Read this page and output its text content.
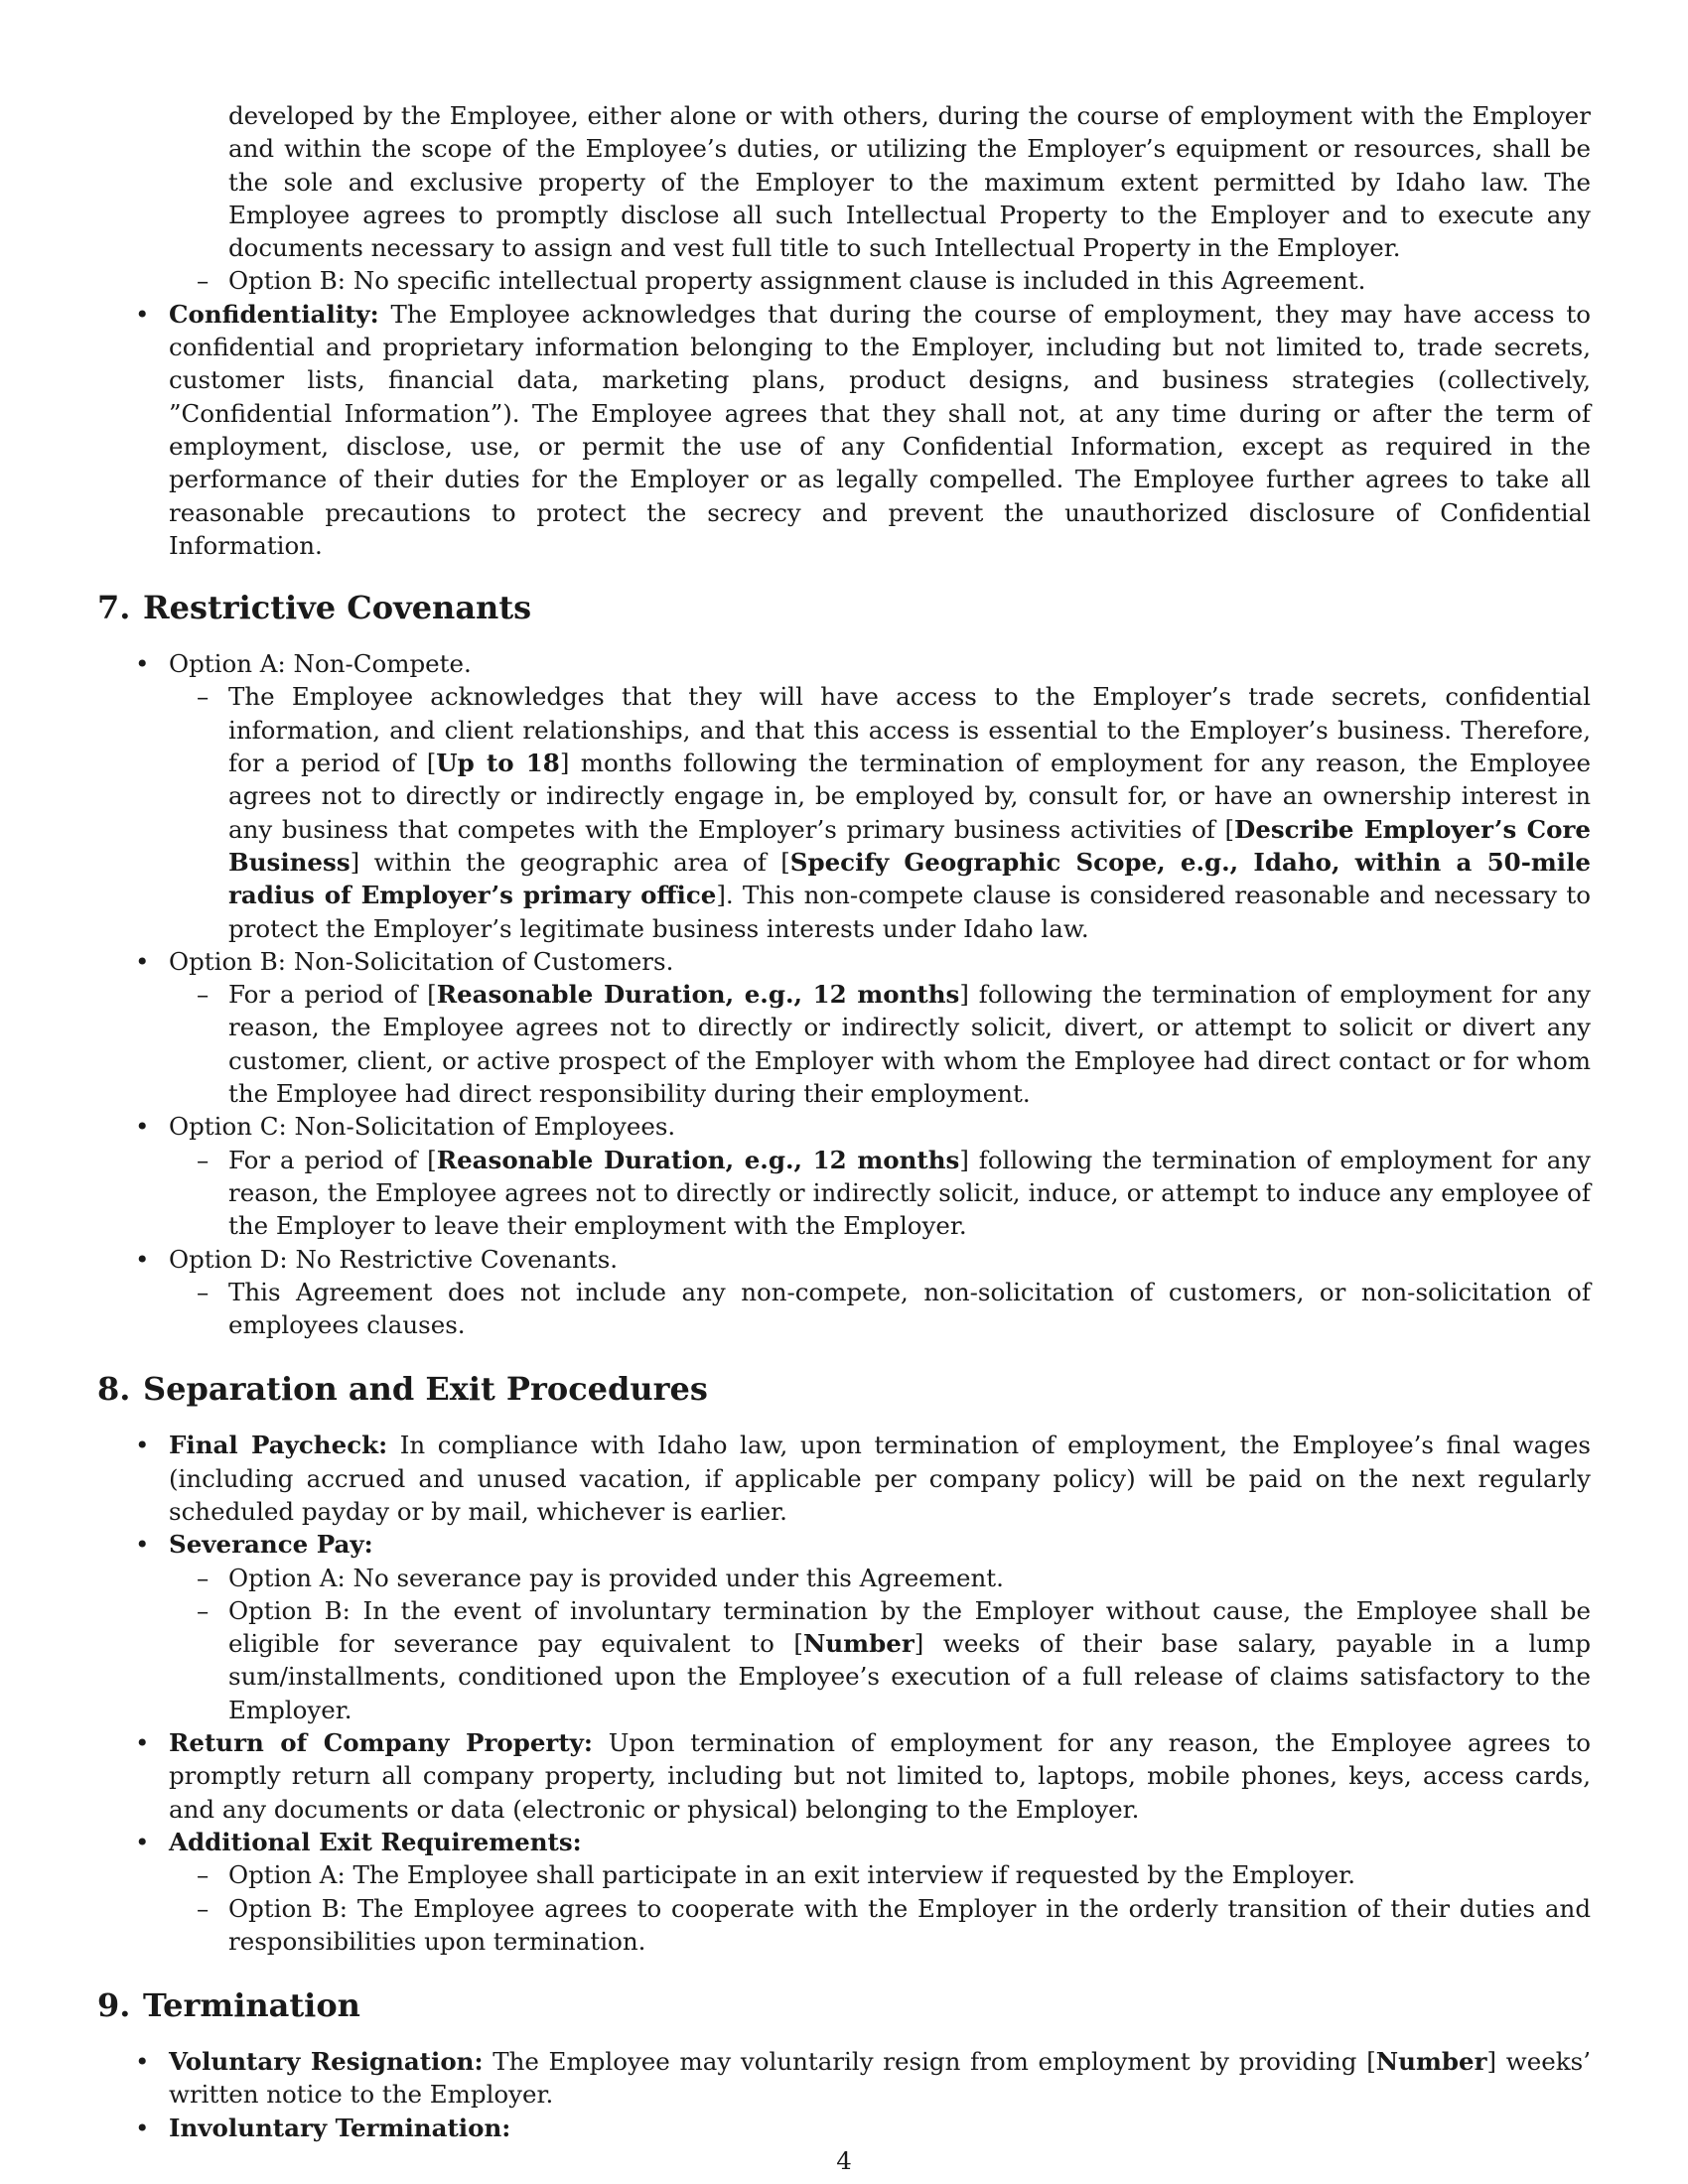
developed by the Employee, either alone or with others, during the course of employment with the Employer and within the scope of the Employee’s duties, or utilizing the Employer’s equipment or resources, shall be the sole and exclusive property of the Employer to the maximum extent permitted by Idaho law. The Employee agrees to promptly disclose all such Intellectual Property to the Employer and to execute any documents necessary to assign and vest full title to such Intellectual Property in the Employer.

– Option B: No specific intellectual property assignment clause is included in this Agreement.

• Confidentiality: The Employee acknowledges that during the course of employment, they may have access to confidential and proprietary information belonging to the Employer, including but not limited to, trade secrets, customer lists, financial data, marketing plans, product designs, and business strategies (collectively, ”Confidential Information”). The Employee agrees that they shall not, at any time during or after the term of employment, disclose, use, or permit the use of any Confidential Information, except as required in the performance of their duties for the Employer or as legally compelled. The Employee further agrees to take all reasonable precautions to protect the secrecy and prevent the unauthorized disclosure of Confidential Information.

7. Restrictive Covenants

• Option A: Non-Compete.

– The Employee acknowledges that they will have access to the Employer’s trade secrets, confidential information, and client relationships, and that this access is essential to the Employer’s business. Therefore, for a period of [Up to 18] months following the termination of employment for any reason, the Employee agrees not to directly or indirectly engage in, be employed by, consult for, or have an ownership interest in any business that competes with the Employer’s primary business activities of [Describe Employer’s Core Business] within the geographic area of [Specify Geographic Scope, e.g., Idaho, within a 50-mile radius of Employer’s primary office]. This non-compete clause is considered reasonable and necessary to protect the Employer’s legitimate business interests under Idaho law.

• Option B: Non-Solicitation of Customers.

– For a period of [Reasonable Duration, e.g., 12 months] following the termination of employment for any reason, the Employee agrees not to directly or indirectly solicit, divert, or attempt to solicit or divert any customer, client, or active prospect of the Employer with whom the Employee had direct contact or for whom the Employee had direct responsibility during their employment.

• Option C: Non-Solicitation of Employees.

– For a period of [Reasonable Duration, e.g., 12 months] following the termination of employment for any reason, the Employee agrees not to directly or indirectly solicit, induce, or attempt to induce any employee of the Employer to leave their employment with the Employer.

• Option D: No Restrictive Covenants.

– This Agreement does not include any non-compete, non-solicitation of customers, or non-solicitation of employees clauses.

8. Separation and Exit Procedures

• Final Paycheck: In compliance with Idaho law, upon termination of employment, the Employee’s final wages (including accrued and unused vacation, if applicable per company policy) will be paid on the next regularly scheduled payday or by mail, whichever is earlier.

• Severance Pay:

– Option A: No severance pay is provided under this Agreement.

– Option B: In the event of involuntary termination by the Employer without cause, the Employee shall be eligible for severance pay equivalent to [Number] weeks of their base salary, payable in a lump sum/installments, conditioned upon the Employee’s execution of a full release of claims satisfactory to the Employer.

• Return of Company Property: Upon termination of employment for any reason, the Employee agrees to promptly return all company property, including but not limited to, laptops, mobile phones, keys, access cards, and any documents or data (electronic or physical) belonging to the Employer.

• Additional Exit Requirements:

– Option A: The Employee shall participate in an exit interview if requested by the Employer.

– Option B: The Employee agrees to cooperate with the Employer in the orderly transition of their duties and responsibilities upon termination.

9. Termination

• Voluntary Resignation: The Employee may voluntarily resign from employment by providing [Number] weeks’ written notice to the Employer.

• Involuntary Termination:

4
